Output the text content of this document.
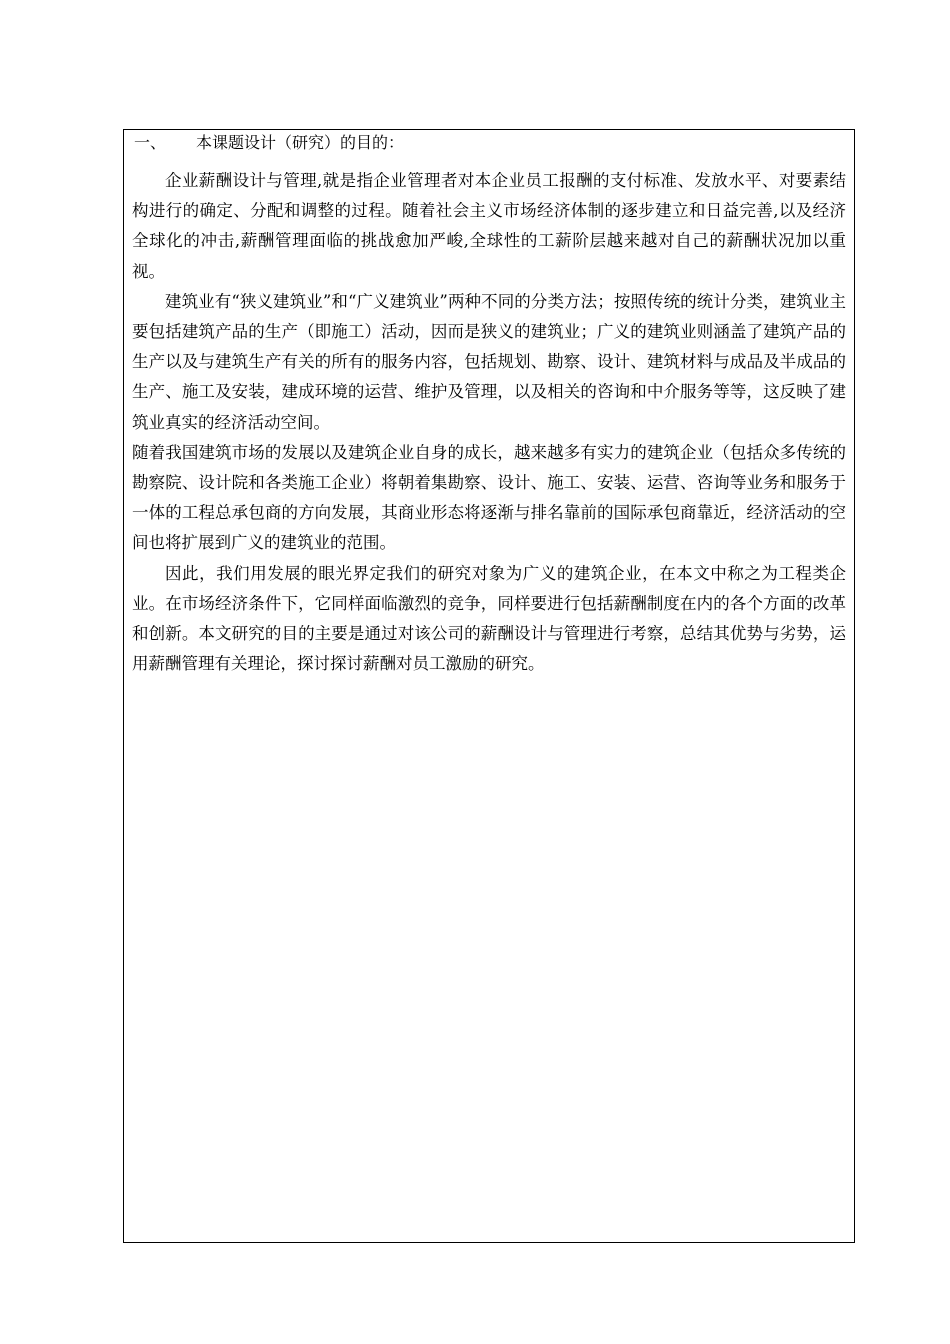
一、 本课题设计（研究）的目的：

企业薪酬设计与管理,就是指企业管理者对本企业员工报酬的支付标准、发放水平、对要素结构进行的确定、分配和调整的过程。随着社会主义市场经济体制的逐步建立和日益完善,以及经济全球化的冲击,薪酬管理面临的挑战愈加严峻,全球性的工薪阶层越来越对自己的薪酬状况加以重视。

建筑业有“狭义建筑业”和“广义建筑业”两种不同的分类方法；按照传统的统计分类，建筑业主要包括建筑产品的生产（即施工）活动，因而是狭义的建筑业；广义的建筑业则涵盖了建筑产品的生产以及与建筑生产有关的所有的服务内容，包括规划、勘察、设计、建筑材料与成品及半成品的生产、施工及安装，建成环境的运营、维护及管理，以及相关的咨询和中介服务等等，这反映了建筑业真实的经济活动空间。

随着我国建筑市场的发展以及建筑企业自身的成长，越来越多有实力的建筑企业（包括众多传统的勘察院、设计院和各类施工企业）将朝着集勘察、设计、施工、安装、运营、咨询等业务和服务于一体的工程总承包商的方向发展，其商业形态将逐渐与排名靠前的国际承包商靠近，经济活动的空间也将扩展到广义的建筑业的范围。

因此，我们用发展的眼光界定我们的研究对象为广义的建筑企业，在本文中称之为工程类企业。在市场经济条件下，它同样面临激烈的竞争，同样要进行包括薪酬制度在内的各个方面的改革和创新。本文研究的目的主要是通过对该公司的薪酬设计与管理进行考察，总结其优势与劣势，运用薪酬管理有关理论，探讨探讨薪酬对员工激励的研究。
